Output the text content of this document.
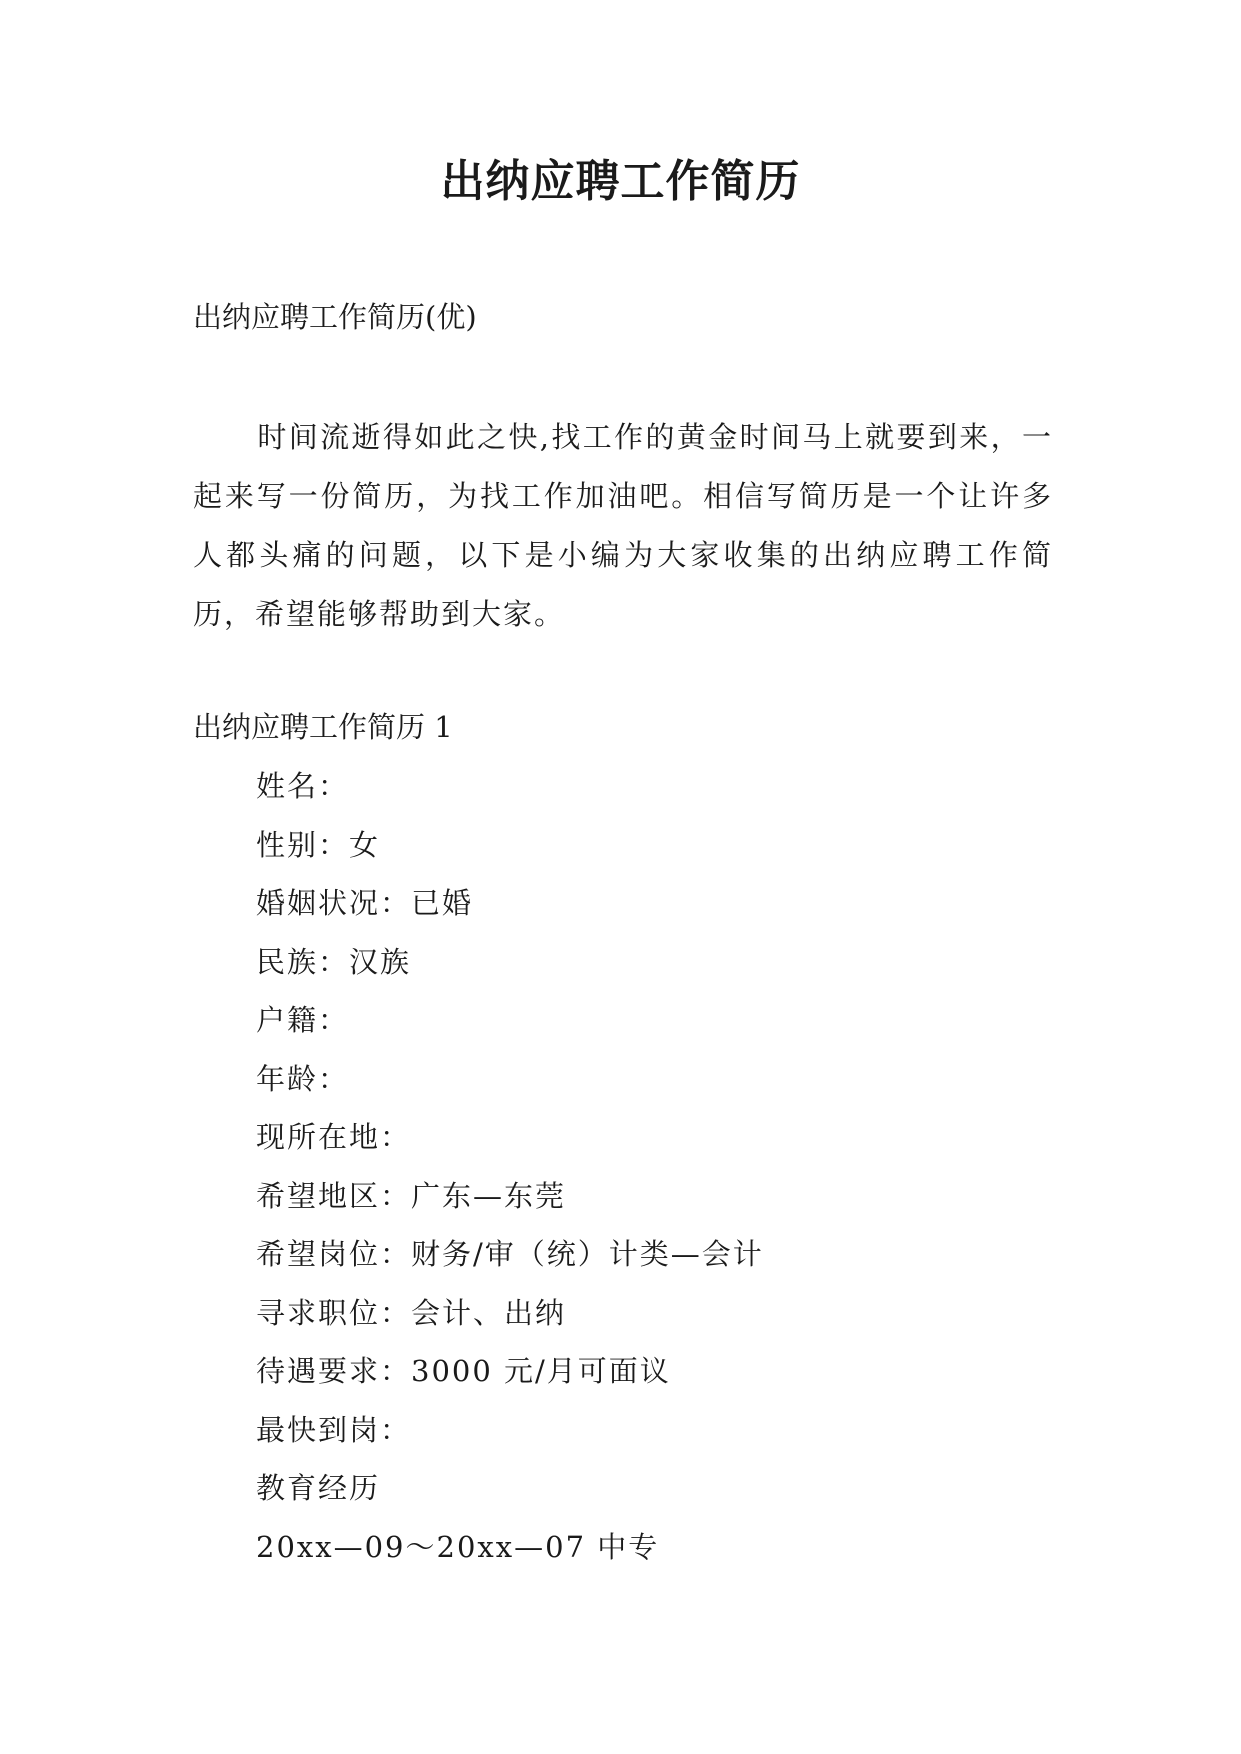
出纳应聘工作简历
出纳应聘工作简历(优)

时间流逝得如此之快,找工作的黄金时间马上就要到来，一起来写一份简历，为找工作加油吧。相信写简历是一个让许多人都头痛的问题，以下是小编为大家收集的出纳应聘工作简历，希望能够帮助到大家。

出纳应聘工作简历 1
姓名：
性别：女
婚姻状况：已婚
民族：汉族
户籍：
年龄：
现所在地：
希望地区：广东—东莞
希望岗位：财务/审（统）计类—会计
寻求职位：会计、出纳
待遇要求：3000 元/月可面议
最快到岗：
教育经历
20xx—09～20xx—07 中专
